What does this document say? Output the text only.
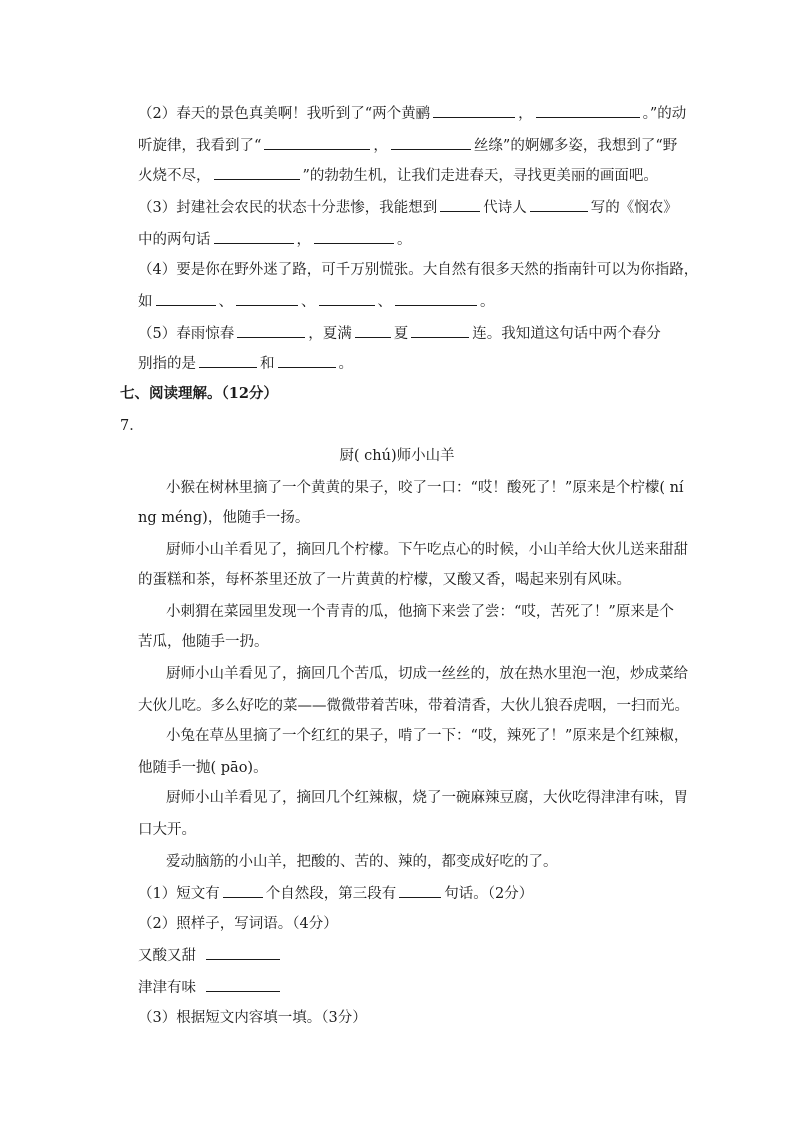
（2）春天的景色真美啊！我听到了“两个黄鹂	，	。”的动
听旋律，我看到了“	，	丝绦”的婀娜多姿，我想到了“野
火烧不尽，	”的勃勃生机，让我们走进春天，寻找更美丽的画面吧。
（3）封建社会农民的状态十分悲惨，我能想到	代诗人	写的《悯农》
中的两句话	，	。
（4）要是你在野外迷了路，可千万别慌张。大自然有很多天然的指南针可以为你指路，
如	、	、	、	。
（5）春雨惊春	，夏满	夏	连。我知道这句话中两个春分
别指的是	和	。
七、阅读理解。（12分）
7．
厨( chú)师小山羊
小猴在树林里摘了一个黄黄的果子，咬了一口：“哎！酸死了！”原来是个柠檬( ní
ng méng)，他随手一扬。
厨师小山羊看见了，摘回几个柠檬。下午吃点心的时候，小山羊给大伙儿送来甜甜
的蛋糕和茶，每杯茶里还放了一片黄黄的柠檬，又酸又香，喝起来别有风味。
小刺猬在菜园里发现一个青青的瓜，他摘下来尝了尝：“哎，苦死了！”原来是个
苦瓜，他随手一扔。
厨师小山羊看见了，摘回几个苦瓜，切成一丝丝的，放在热水里泡一泡，炒成菜给
大伙儿吃。多么好吃的菜——微微带着苦味，带着清香，大伙儿狼吞虎咽，一扫而光。
小兔在草丛里摘了一个红红的果子，啃了一下：“哎，辣死了！”原来是个红辣椒，
他随手一抛( pāo)。
厨师小山羊看见了，摘回几个红辣椒，烧了一碗麻辣豆腐，大伙吃得津津有味，胃
口大开。
爱动脑筋的小山羊，把酸的、苦的、辣的，都变成好吃的了。
（1）短文有	个自然段，第三段有	句话。（2分）
（2）照样子，写词语。（4分）
又酸又甜
津津有味
（3）根据短文内容填一填。（3分）
